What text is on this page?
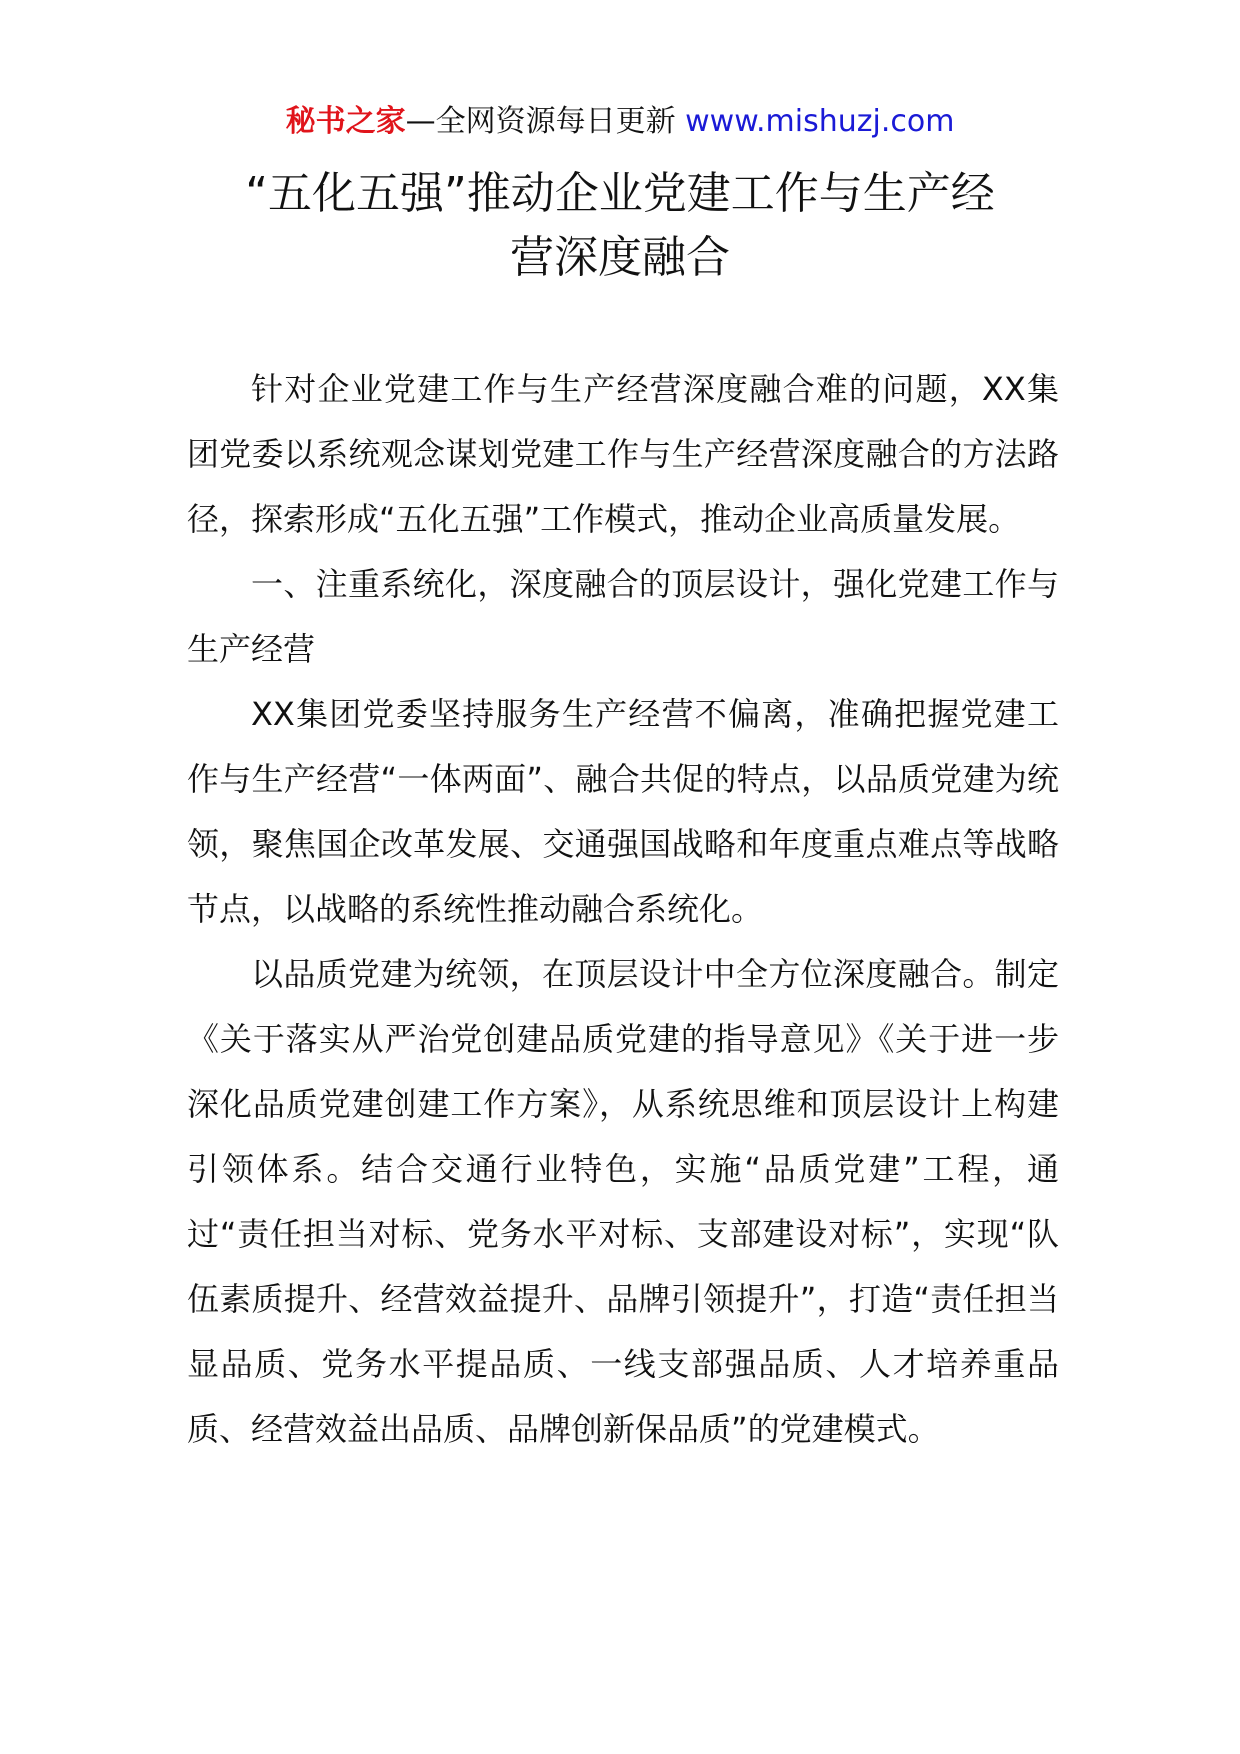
秘书之家—全网资源每日更新 www.mishuzj.com
“五化五强”推动企业党建工作与生产经
营深度融合

针对企业党建工作与生产经营深度融合难的问题，XX集团党委以系统观念谋划党建工作与生产经营深度融合的方法路径，探索形成“五化五强”工作模式，推动企业高质量发展。

一、注重系统化，深度融合的顶层设计，强化党建工作与生产经营

XX集团党委坚持服务生产经营不偏离，准确把握党建工作与生产经营“一体两面”、融合共促的特点，以品质党建为统领，聚焦国企改革发展、交通强国战略和年度重点难点等战略节点，以战略的系统性推动融合系统化。

以品质党建为统领，在顶层设计中全方位深度融合。制定《关于落实从严治党创建品质党建的指导意见》《关于进一步深化品质党建创建工作方案》，从系统思维和顶层设计上构建引领体系。结合交通行业特色，实施“品质党建”工程，通过“责任担当对标、党务水平对标、支部建设对标”，实现“队伍素质提升、经营效益提升、品牌引领提升”，打造“责任担当显品质、党务水平提品质、一线支部强品质、人才培养重品质、经营效益出品质、品牌创新保品质”的党建模式。
